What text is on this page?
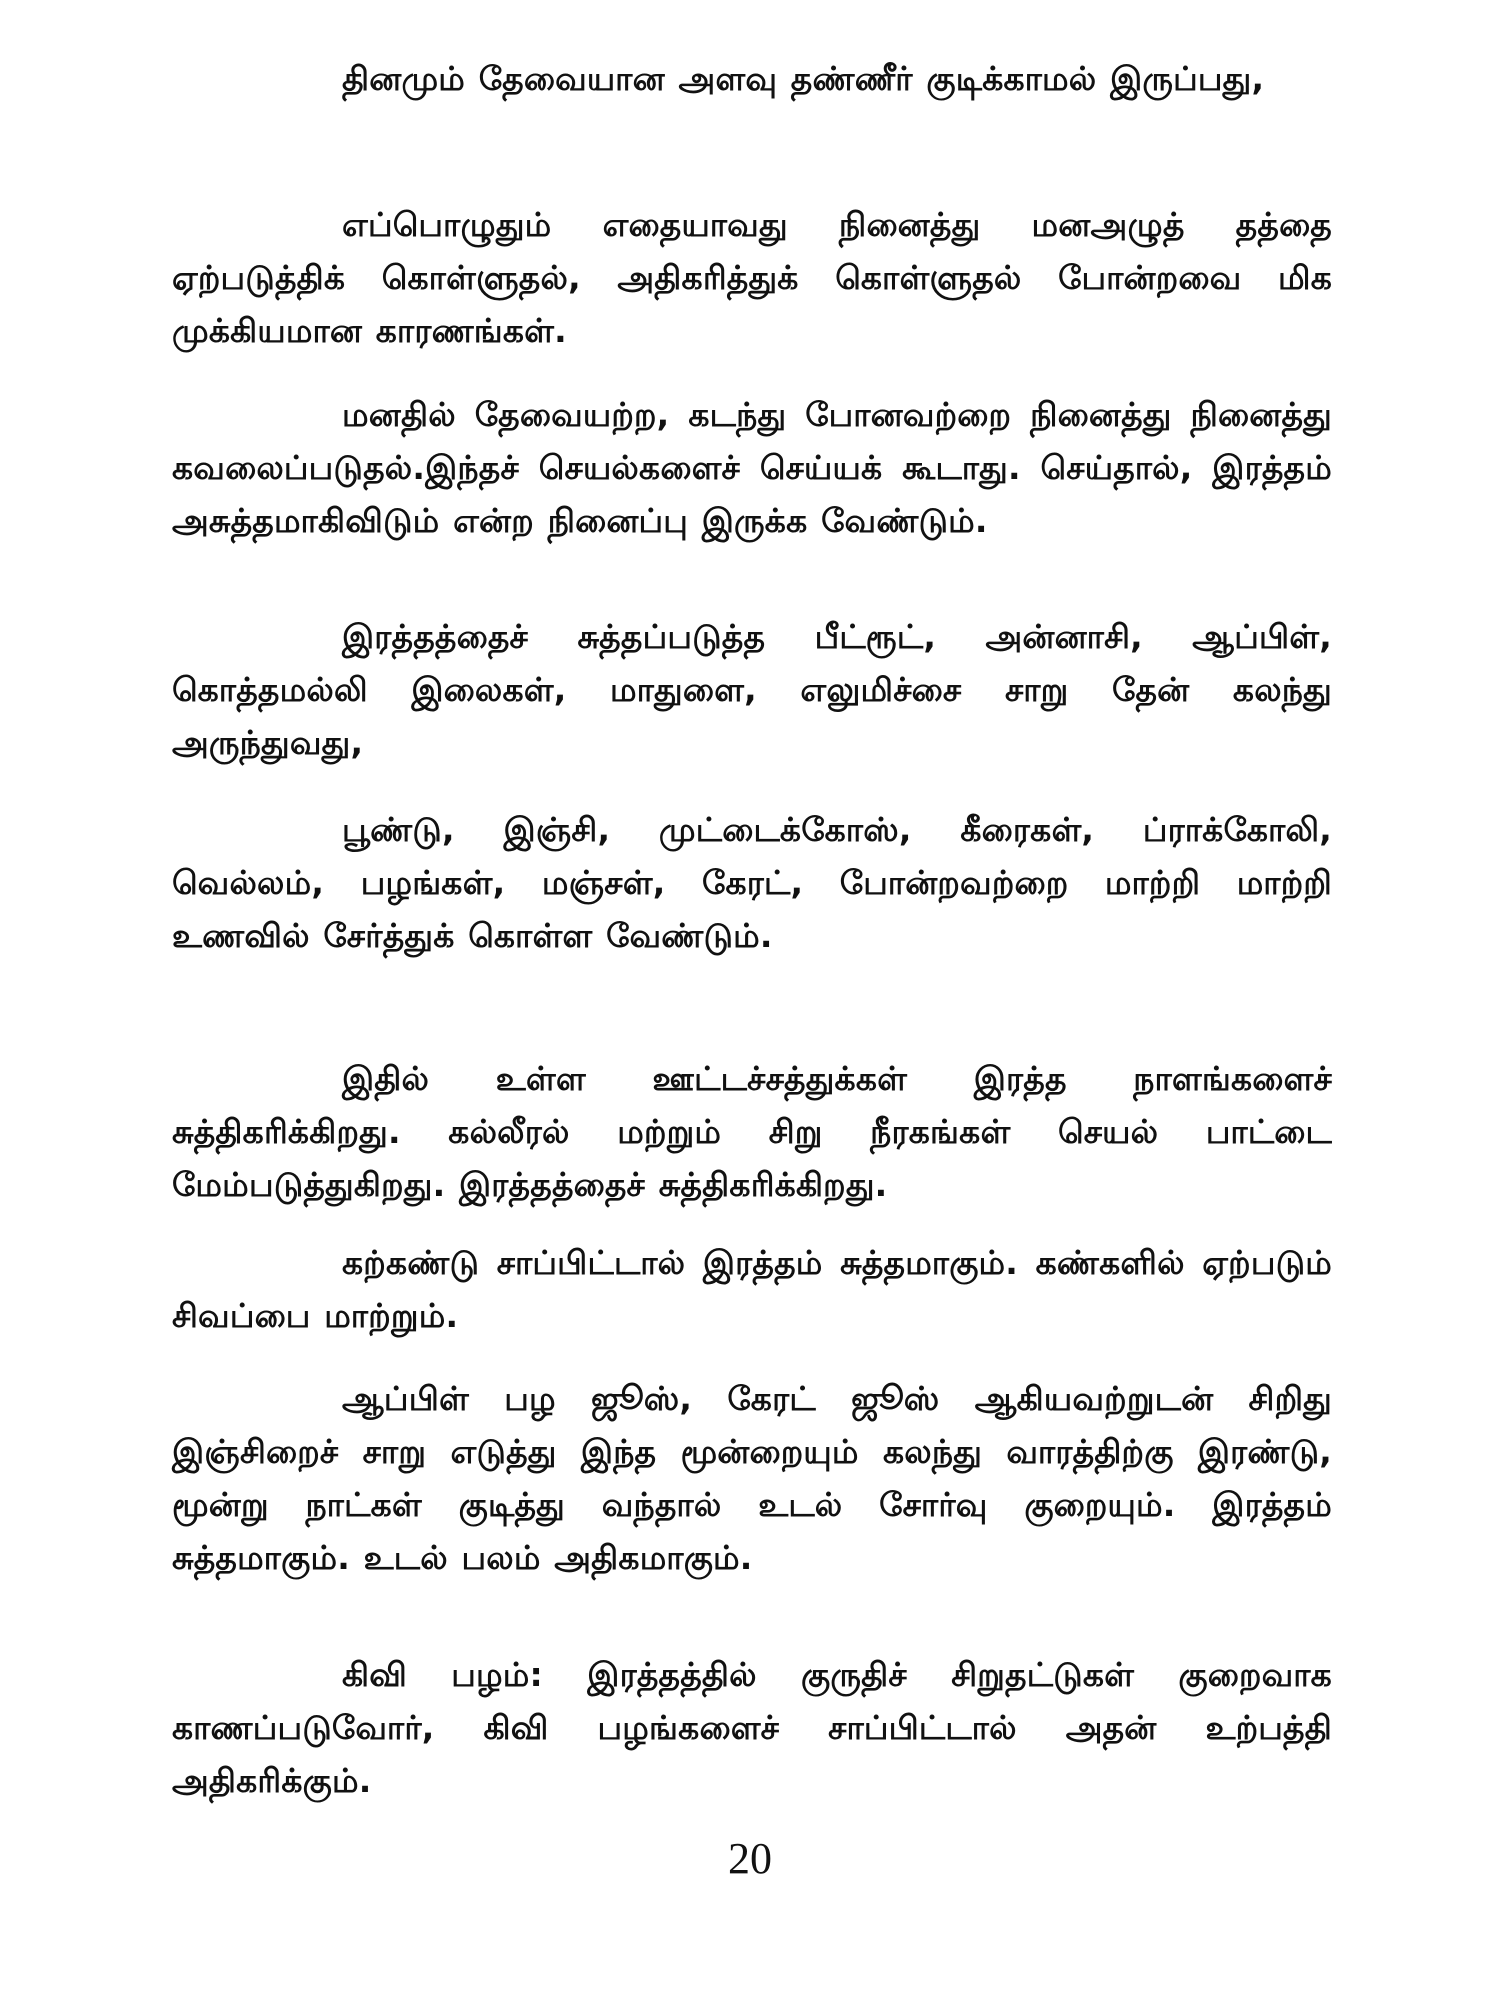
தினமும் தேவையான அளவு தண்ணீர் குடிக்காமல் இருப்பது,

எப்பொழுதும் எதையாவது நினைத்து மனஅழுத் தத்தை ஏற்படுத்திக் கொள்ளுதல், அதிகரித்துக் கொள்ளுதல் போன்றவை மிக முக்கியமான காரணங்கள்.

மனதில் தேவையற்ற, கடந்து போனவற்றை நினைத்து நினைத்து கவலைப்படுதல்.இந்தச் செயல்களைச் செய்யக் கூடாது. செய்தால், இரத்தம் அசுத்தமாகிவிடும் என்ற நினைப்பு இருக்க வேண்டும்.

இரத்தத்தைச் சுத்தப்படுத்த பீட்ரூட், அன்னாசி, ஆப்பிள், கொத்தமல்லி இலைகள், மாதுளை, எலுமிச்சை சாறு தேன் கலந்து அருந்துவது,

பூண்டு, இஞ்சி, முட்டைக்கோஸ், கீரைகள், ப்ராக்கோலி, வெல்லம், பழங்கள், மஞ்சள், கேரட், போன்றவற்றை மாற்றி மாற்றி உணவில் சேர்த்துக் கொள்ள வேண்டும்.

இதில் உள்ள ஊட்டச்சத்துக்கள் இரத்த நாளங்களைச் சுத்திகரிக்கிறது. கல்லீரல் மற்றும் சிறு நீரகங்கள் செயல் பாட்டை மேம்படுத்துகிறது. இரத்தத்தைச் சுத்திகரிக்கிறது.

கற்கண்டு சாப்பிட்டால் இரத்தம் சுத்தமாகும். கண்களில் ஏற்படும் சிவப்பை மாற்றும்.

ஆப்பிள் பழ ஜூஸ், கேரட் ஜூஸ் ஆகியவற்றுடன் சிறிது இஞ்சிறைச் சாறு எடுத்து இந்த மூன்றையும் கலந்து வாரத்திற்கு இரண்டு, மூன்று நாட்கள் குடித்து வந்தால் உடல் சோர்வு குறையும். இரத்தம் சுத்தமாகும். உடல் பலம் அதிகமாகும்.

கிவி பழம்: இரத்தத்தில் குருதிச் சிறுதட்டுகள் குறைவாக காணப்படுவோர், கிவி பழங்களைச் சாப்பிட்டால் அதன் உற்பத்தி அதிகரிக்கும்.

20
